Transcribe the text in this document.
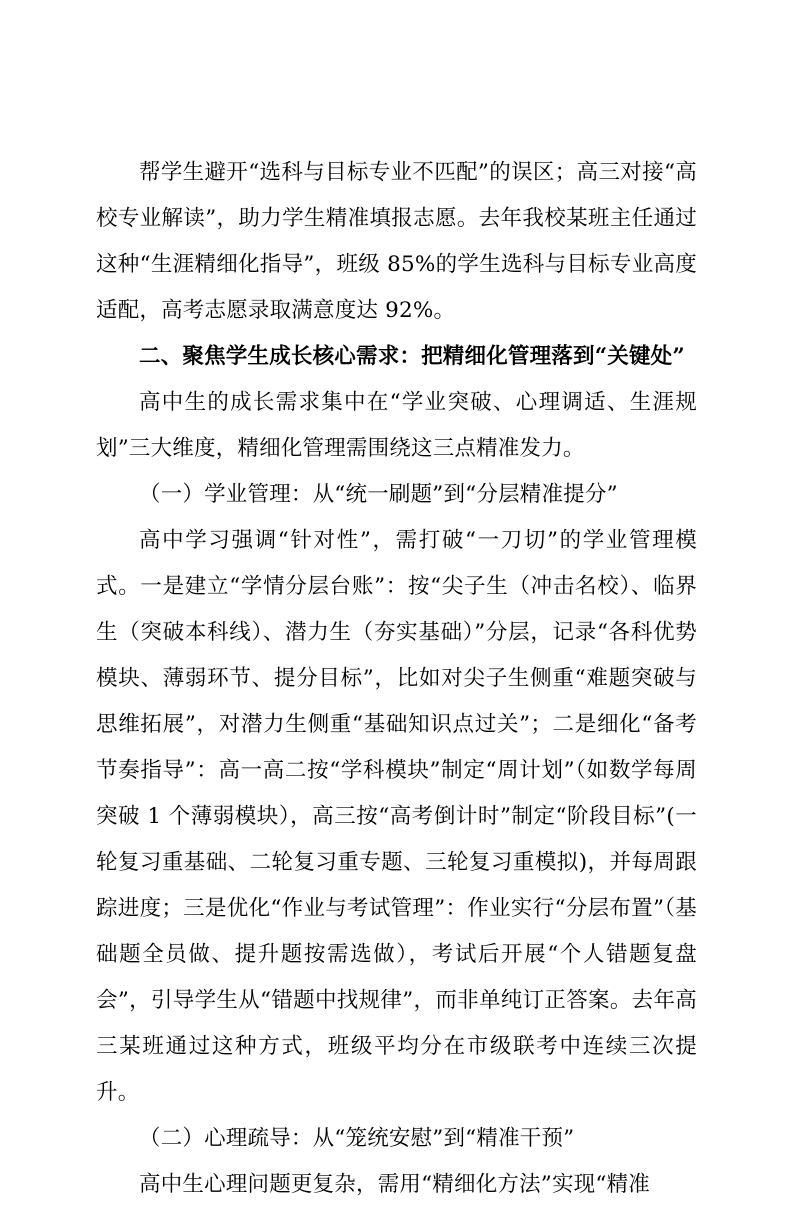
帮学生避开“选科与目标专业不匹配”的误区；高三对接“高校专业解读”，助力学生精准填报志愿。去年我校某班主任通过这种“生涯精细化指导”，班级 85%的学生选科与目标专业高度适配，高考志愿录取满意度达 92%。

二、聚焦学生成长核心需求：把精细化管理落到“关键处”

高中生的成长需求集中在“学业突破、心理调适、生涯规划”三大维度，精细化管理需围绕这三点精准发力。

（一）学业管理：从“统一刷题”到“分层精准提分”

高中学习强调“针对性”，需打破“一刀切”的学业管理模式。一是建立“学情分层台账”：按“尖子生（冲击名校）、临界生（突破本科线）、潜力生（夯实基础）”分层，记录“各科优势模块、薄弱环节、提分目标”，比如对尖子生侧重“难题突破与思维拓展”，对潜力生侧重“基础知识点过关”；二是细化“备考节奏指导”：高一高二按“学科模块”制定“周计划”（如数学每周突破 1 个薄弱模块），高三按“高考倒计时”制定“阶段目标”(一轮复习重基础、二轮复习重专题、三轮复习重模拟)，并每周跟踪进度；三是优化“作业与考试管理”：作业实行“分层布置”（基础题全员做、提升题按需选做），考试后开展“个人错题复盘会”，引导学生从“错题中找规律”，而非单纯订正答案。去年高三某班通过这种方式，班级平均分在市级联考中连续三次提升。

（二）心理疏导：从“笼统安慰”到“精准干预”

高中生心理问题更复杂，需用“精细化方法”实现“精准
